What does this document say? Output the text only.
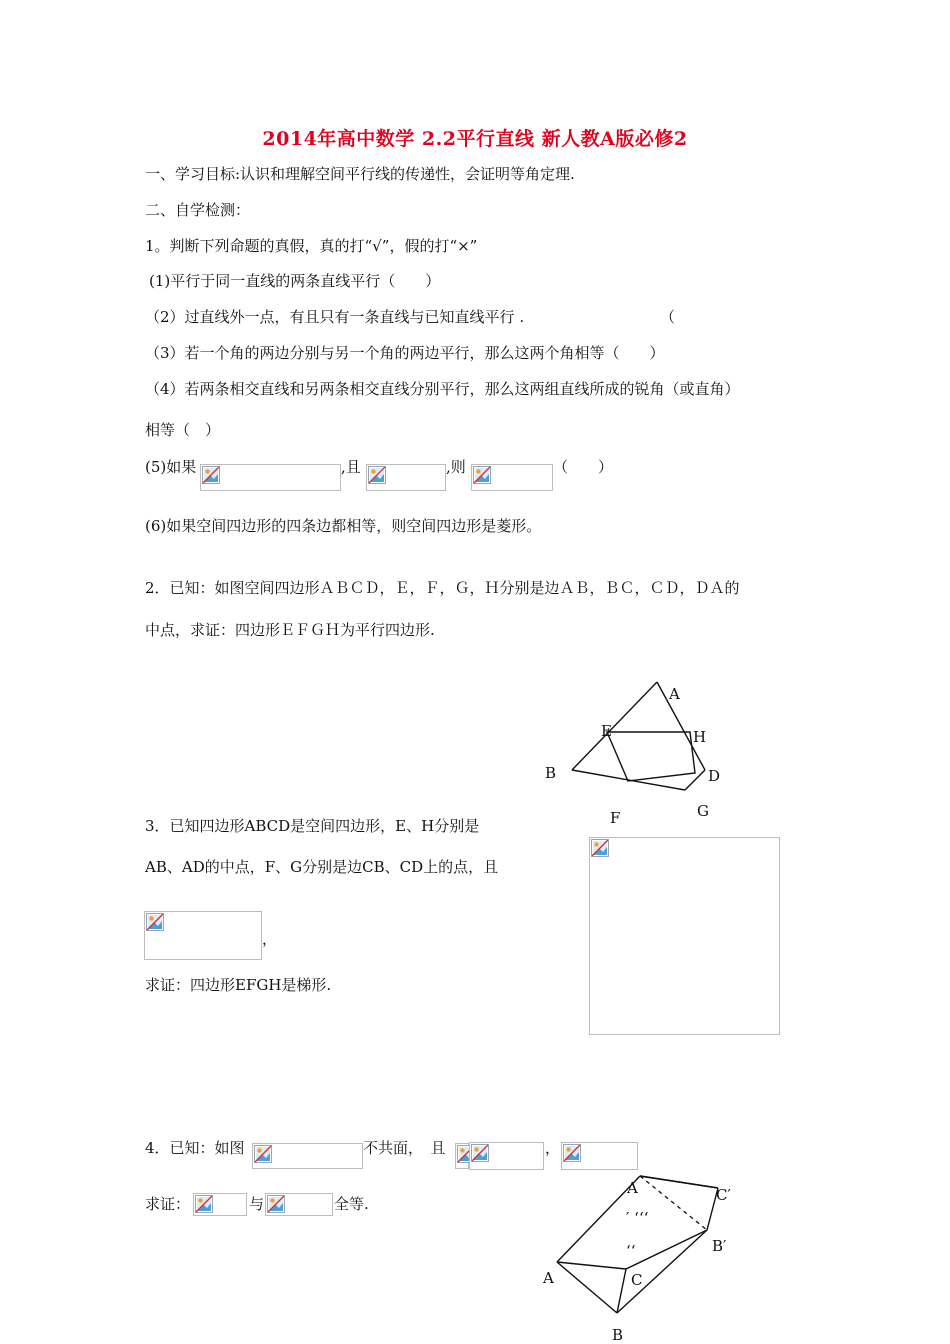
2014年高中数学 2.2平行直线 新人教A版必修2
一、学习目标:认识和理解空间平行线的传递性，会证明等角定理.
二、自学检测：
1。判断下列命题的真假，真的打“√”，假的打“×”
(1)平行于同一直线的两条直线平行（　　）
（2）过直线外一点，有且只有一条直线与已知直线平行 .	（
（3）若一个角的两边分别与另一个角的两边平行，那么这两个角相等（　　）
（4）若两条相交直线和另两条相交直线分别平行，那么这两组直线所成的锐角（或直角）
相等（　）
(5)如果	,且	,则	（　　）
(6)如果空间四边形的四条边都相等，则空间四边形是菱形。
2．已知：如图空间四边形ＡＢＣＤ，Ｅ，Ｆ，Ｇ，Ｈ分别是边ＡＢ，ＢＣ，ＣＤ，ＤＡ的
中点，求证：四边形ＥＦＧＨ为平行四边形.
A
E	H
B	D
G
F
3．已知四边形ABCD是空间四边形，E、H分别是
AB、AD的中点，F、G分别是边CB、CD上的点，且
，
求证：四边形EFGH是梯形.
4．已知：如图	不共面，　且	，
求证：	与	全等.
A	C′
′ ‘‘‘
B′
‘‘
A	C
B
